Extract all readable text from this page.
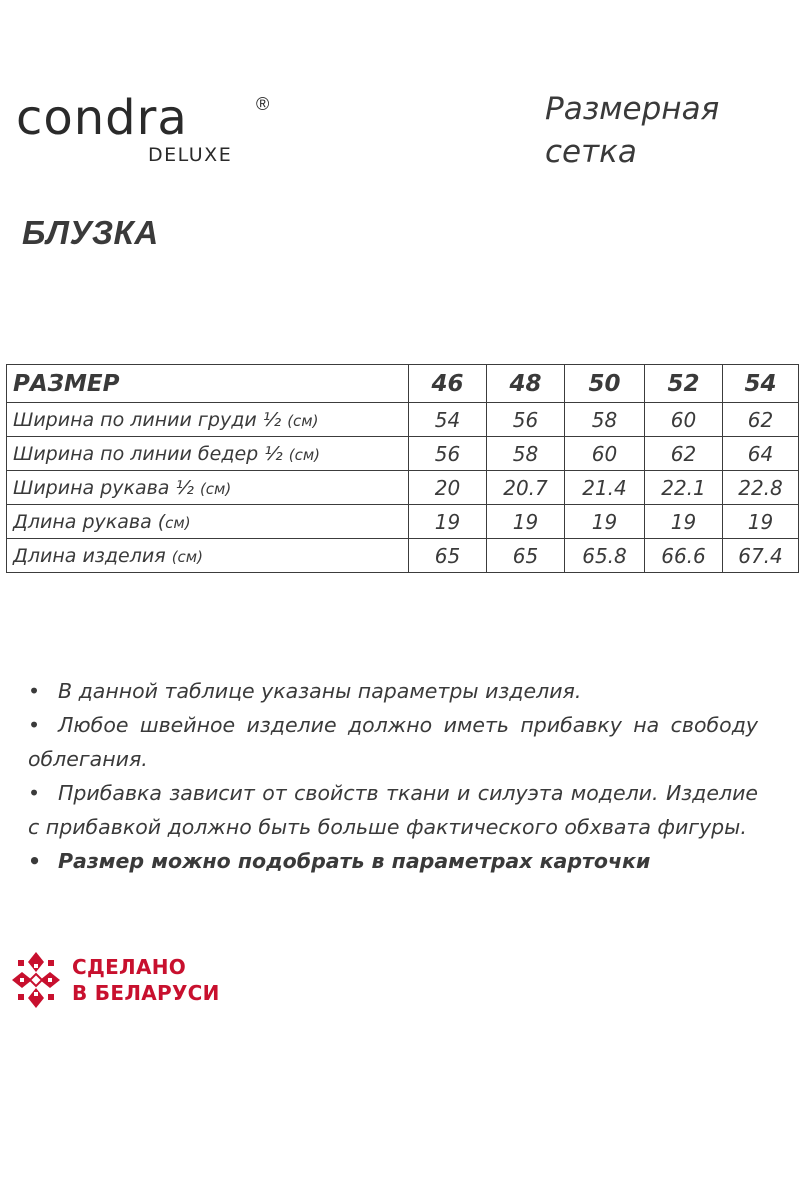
condra	®
DELUXE
Размерная сетка
БЛУЗКА
РАЗМЕР	46	48	50	52	54
Ширина по линии груди ½ (см)	54	56	58	60	62
Ширина по линии бедер ½ (см)	56	58	60	62	64
Ширина рукава ½ (см)	20	20.7	21.4	22.1	22.8
Длина рукава (см)	19	19	19	19	19
Длина изделия (см)	65	65	65.8	66.6	67.4

• В данной таблице указаны параметры изделия.

• Любое швейное изделие должно иметь прибавку на свободу облегания.

• Прибавка зависит от свойств ткани и силуэта модели. Изделие с прибавкой должно быть больше фактического обхвата фигуры.

• Размер можно подобрать в параметрах карточки

СДЕЛАНО
В БЕЛАРУСИ
